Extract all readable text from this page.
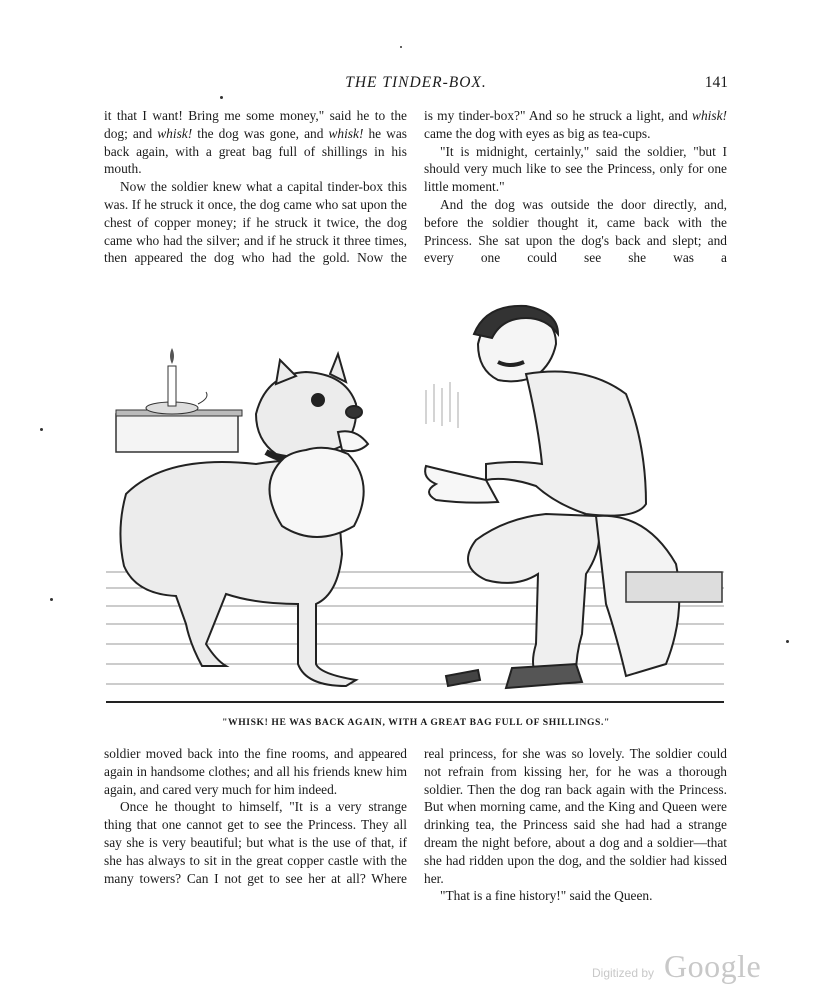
THE TINDER-BOX.	141

it that I want! Bring me some money," said he to the dog; and whisk! the dog was gone, and whisk! he was back again, with a great bag full of shillings in his mouth.

Now the soldier knew what a capital tinder-box this was. If he struck it once, the dog came who sat upon the chest of copper money; if he struck it twice, the dog came who had the silver; and if he struck it three times, then appeared the dog who had the gold. Now the

is my tinder-box?" And so he struck a light, and whisk! came the dog with eyes as big as tea-cups.

"It is midnight, certainly," said the soldier, "but I should very much like to see the Princess, only for one little moment."

And the dog was outside the door directly, and, before the soldier thought it, came back with the Princess. She sat upon the dog's back and slept; and every one could see she was a

"WHISK! HE WAS BACK AGAIN, WITH A GREAT BAG FULL OF SHILLINGS."

soldier moved back into the fine rooms, and appeared again in handsome clothes; and all his friends knew him again, and cared very much for him indeed.

Once he thought to himself, "It is a very strange thing that one cannot get to see the Princess. They all say she is very beautiful; but what is the use of that, if she has always to sit in the great copper castle with the many towers? Can I not get to see her at all? Where

real princess, for she was so lovely. The soldier could not refrain from kissing her, for he was a thorough soldier. Then the dog ran back again with the Princess. But when morning came, and the King and Queen were drinking tea, the Princess said she had had a strange dream the night before, about a dog and a soldier—that she had ridden upon the dog, and the soldier had kissed her.

"That is a fine history!" said the Queen.

Digitized by Google
